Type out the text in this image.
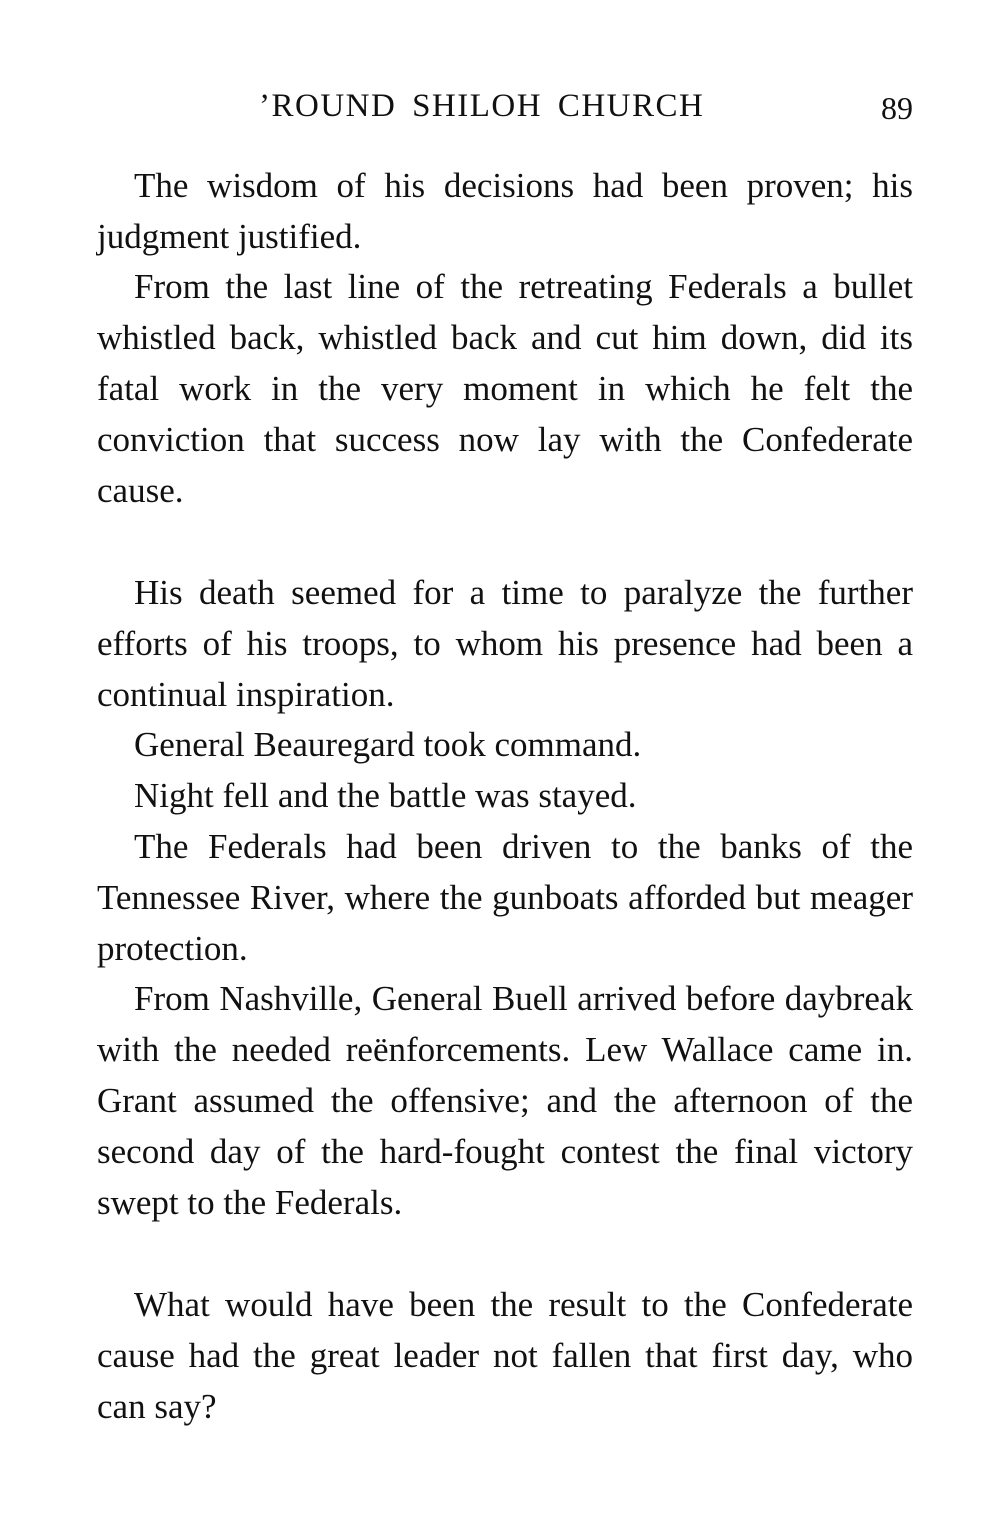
’ROUND SHILOH CHURCH	89

The wisdom of his decisions had been proven; his judgment justified.

From the last line of the retreating Federals a bullet whistled back, whistled back and cut him down, did its fatal work in the very moment in which he felt the conviction that success now lay with the Confederate cause.

His death seemed for a time to paralyze the further efforts of his troops, to whom his presence had been a continual inspiration.

General Beauregard took command.

Night fell and the battle was stayed.

The Federals had been driven to the banks of the Tennessee River, where the gunboats afforded but meager protection.

From Nashville, General Buell arrived before daybreak with the needed reënforcements. Lew Wallace came in. Grant assumed the offensive; and the afternoon of the second day of the hard-fought contest the final victory swept to the Federals.

What would have been the result to the Confederate cause had the great leader not fallen that first day, who can say?
